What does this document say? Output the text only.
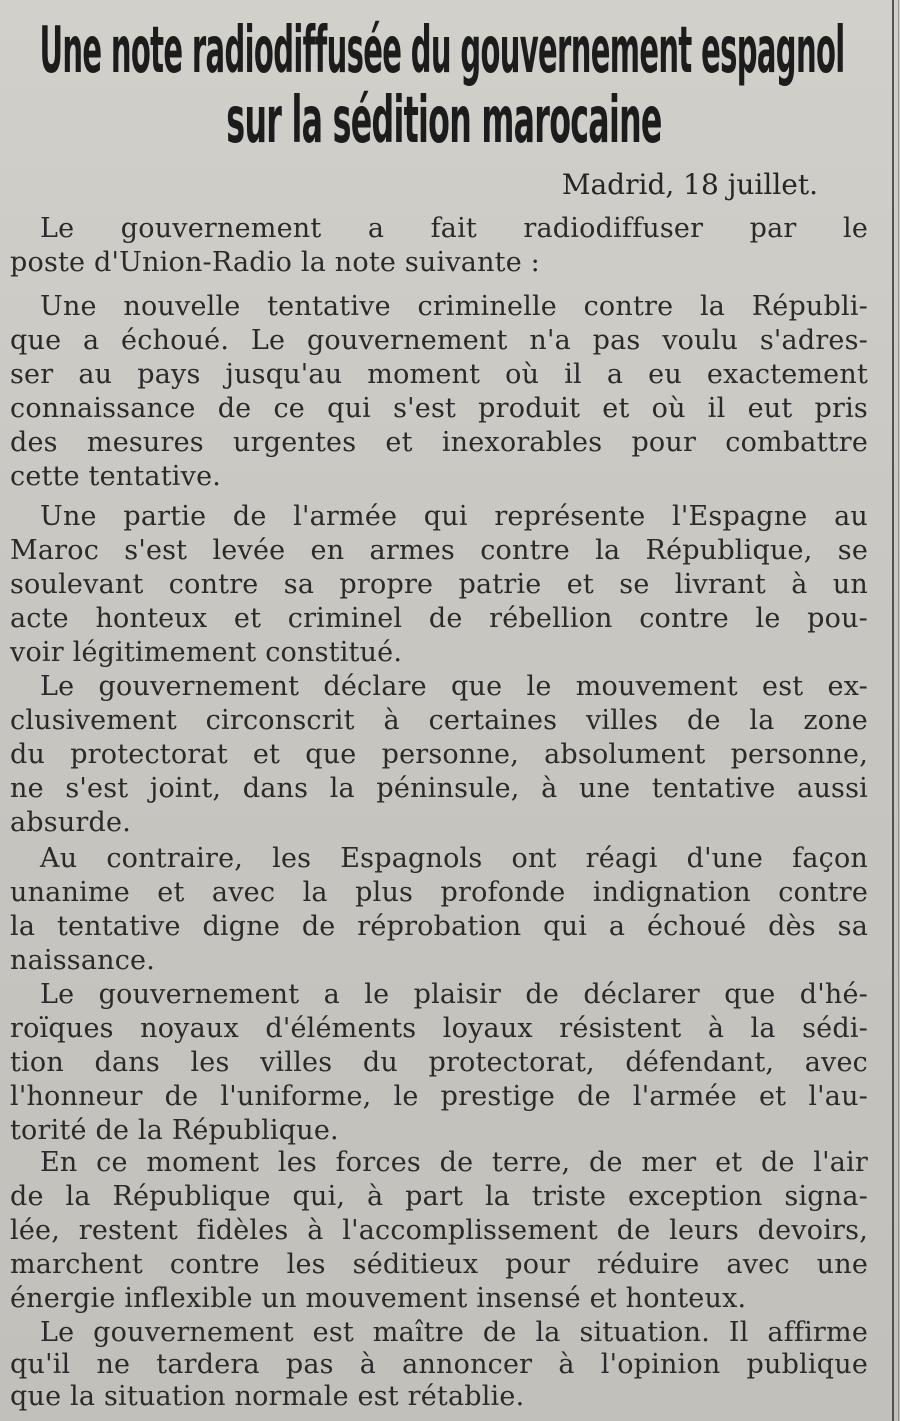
Une note radiodiffusée du gouvernement espagnol
sur la sédition marocaine
Madrid, 18 juillet.
Le gouvernement a fait radiodiffuser par le
poste d'Union-Radio la note suivante :
Une nouvelle tentative criminelle contre la Républi-
que a échoué. Le gouvernement n'a pas voulu s'adres-
ser au pays jusqu'au moment où il a eu exactement
connaissance de ce qui s'est produit et où il eut pris
des mesures urgentes et inexorables pour combattre
cette tentative.
Une partie de l'armée qui représente l'Espagne au
Maroc s'est levée en armes contre la République, se
soulevant contre sa propre patrie et se livrant à un
acte honteux et criminel de rébellion contre le pou-
voir légitimement constitué.
Le gouvernement déclare que le mouvement est ex-
clusivement circonscrit à certaines villes de la zone
du protectorat et que personne, absolument personne,
ne s'est joint, dans la péninsule, à une tentative aussi
absurde.
Au contraire, les Espagnols ont réagi d'une façon
unanime et avec la plus profonde indignation contre
la tentative digne de réprobation qui a échoué dès sa
naissance.
Le gouvernement a le plaisir de déclarer que d'hé-
roïques noyaux d'éléments loyaux résistent à la sédi-
tion dans les villes du protectorat, défendant, avec
l'honneur de l'uniforme, le prestige de l'armée et l'au-
torité de la République.
En ce moment les forces de terre, de mer et de l'air
de la République qui, à part la triste exception signa-
lée, restent fidèles à l'accomplissement de leurs devoirs,
marchent contre les séditieux pour réduire avec une
énergie inflexible un mouvement insensé et honteux.
Le gouvernement est maître de la situation. Il affirme
qu'il ne tardera pas à annoncer à l'opinion publique
que la situation normale est rétablie.
